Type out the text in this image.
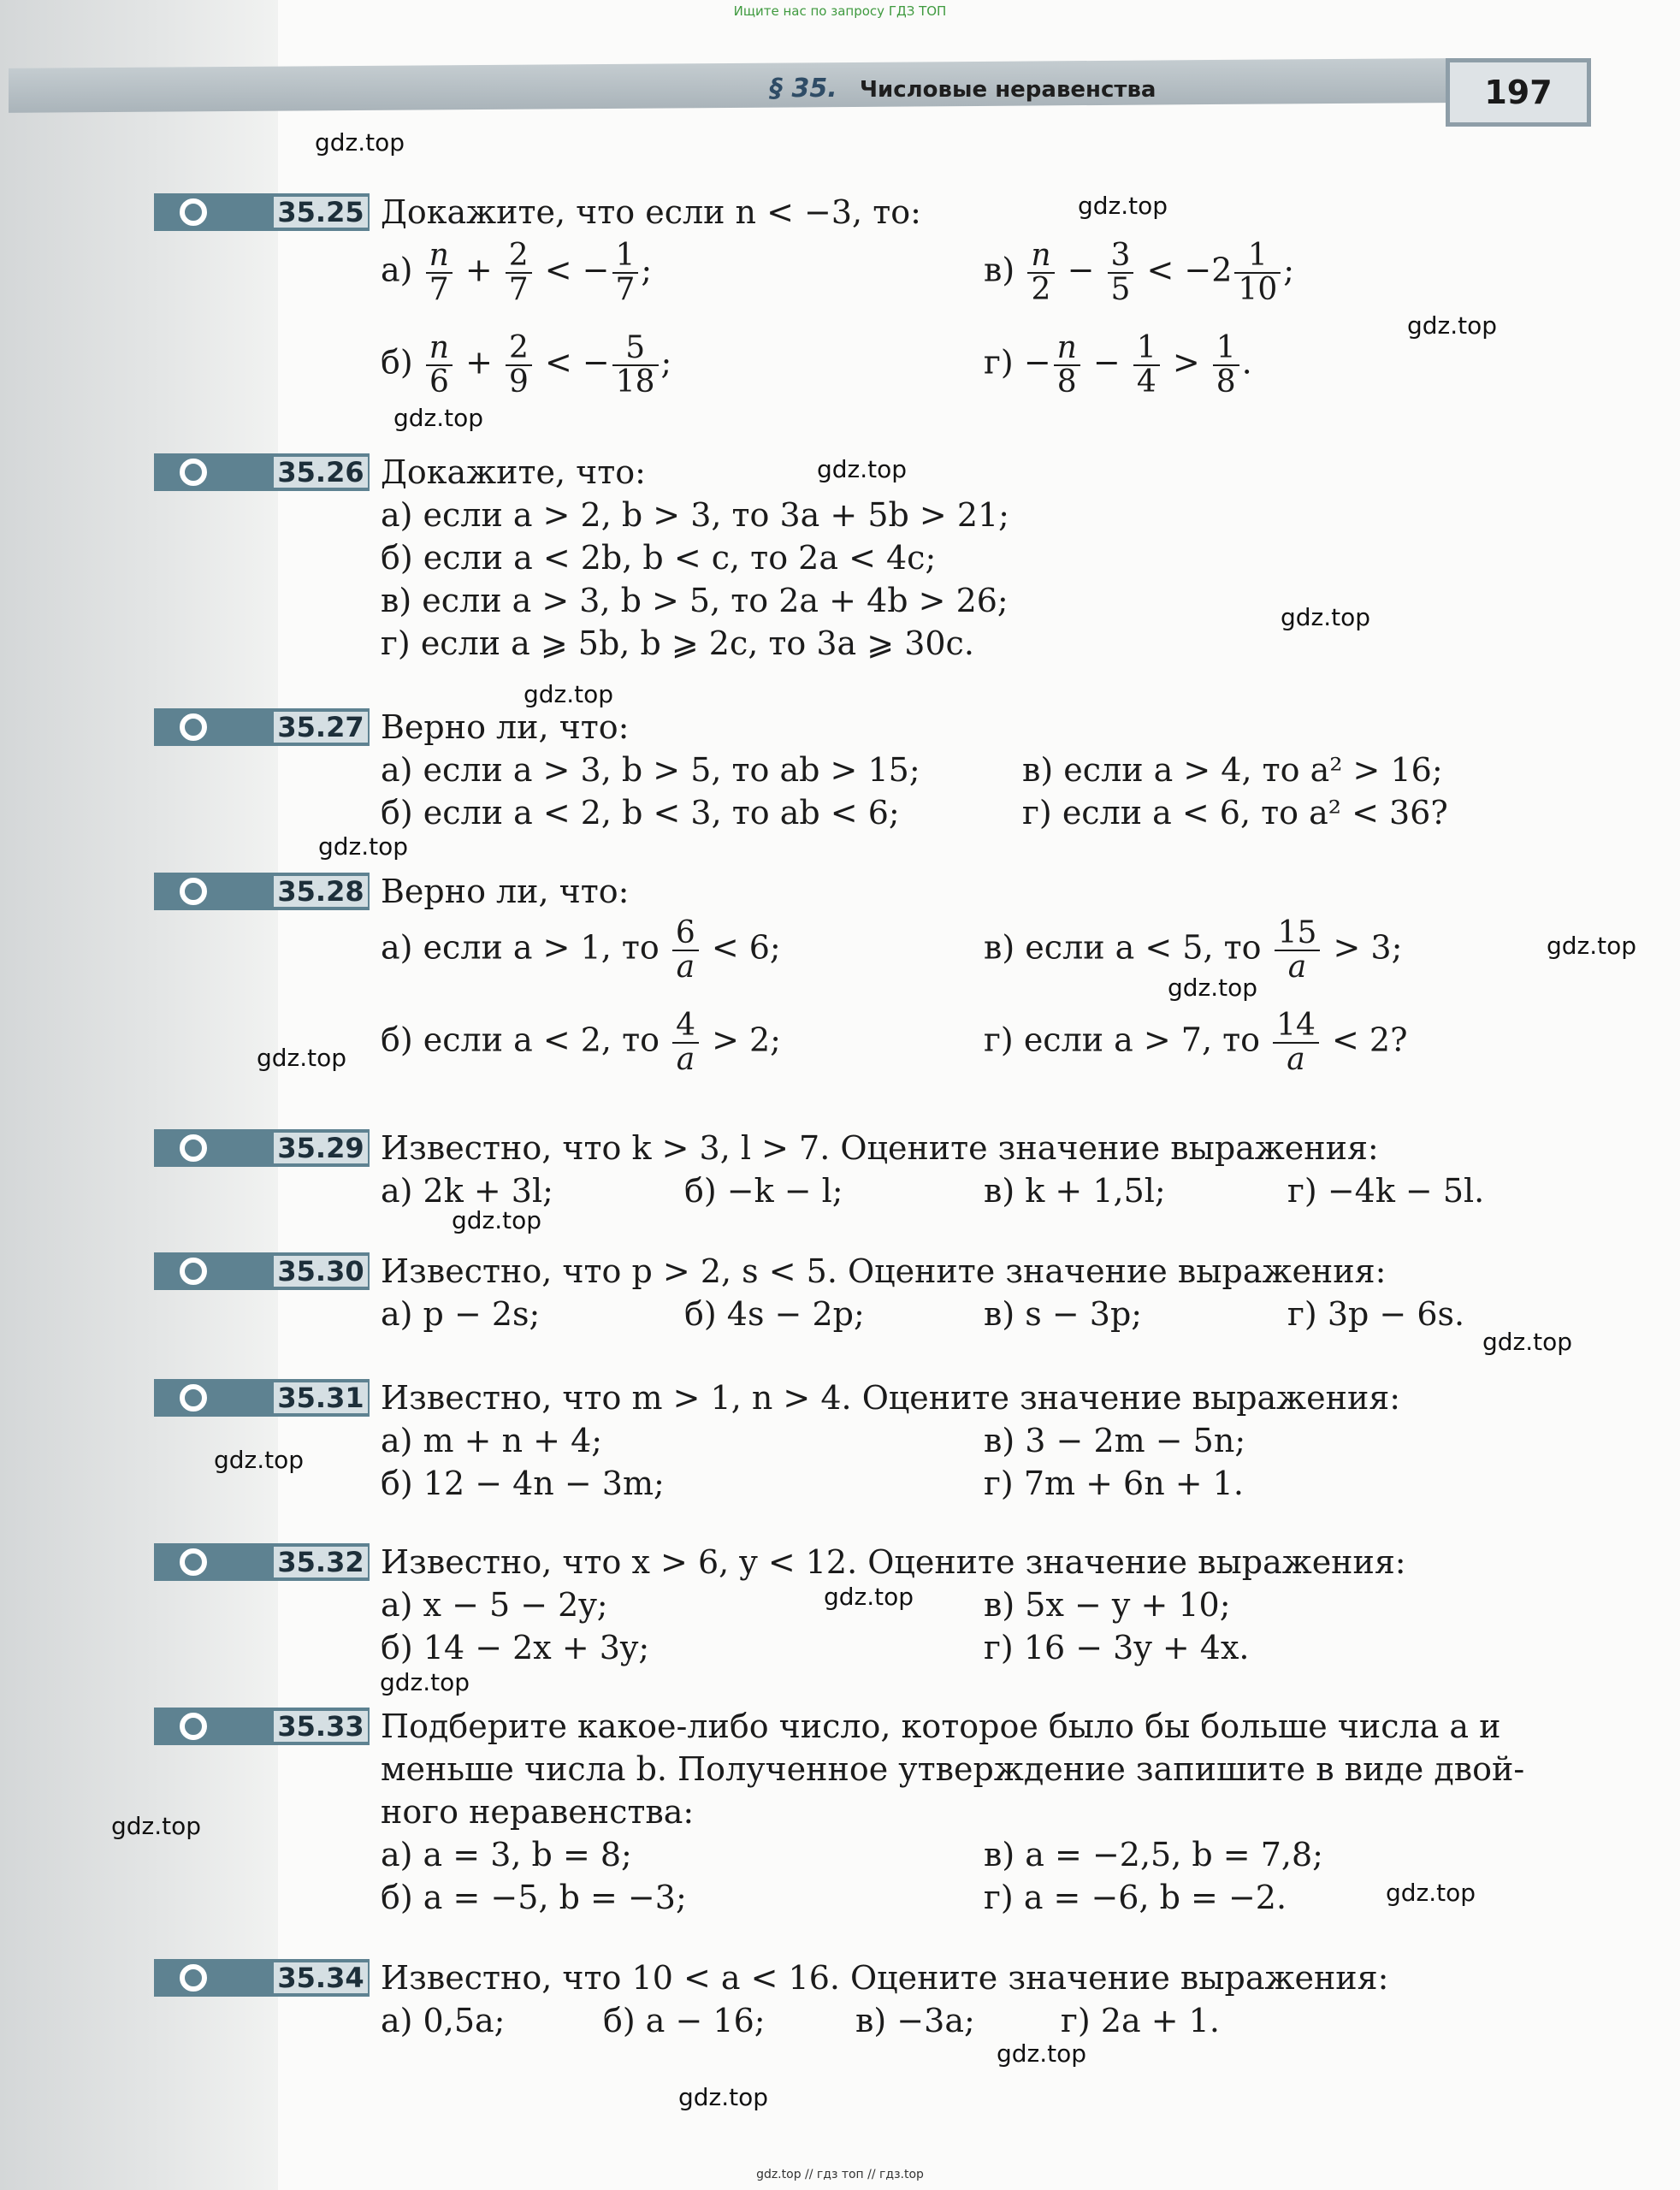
Ищите нас по запросу ГДЗ ТОП
§ 35. Числовые неравенства	197
gdz.top
gdz.top
gdz.top
gdz.top
gdz.top
gdz.top
gdz.top
gdz.top
gdz.top
gdz.top
gdz.top
gdz.top
gdz.top
gdz.top
gdz.top
gdz.top
gdz.top
gdz.top
gdz.top
gdz.top
35.25 Докажите, что если n < −3, то:
$а) \frac{n}{7} + \frac{2}{7}$ < − $\frac{1}{7}$ ;	$в) \frac{n}{2} - \frac{3}{5} < -2 \frac{1}{10}$ ;
$б) \frac{n}{6} + \frac{2}{9}$ < − $\frac{5}{18}$ ;	$г) - \frac{n}{8} - \frac{1}{4} > \frac{1}{8}$ .
35.26 Докажите, что:
а) если a > 2, b > 3, то 3a + 5b > 21;
б) если a < 2b, b < c, то 2a < 4c;
в) если a > 3, b > 5, то 2a + 4b > 26;
г) если a ⩾ 5b, b ⩾ 2c, то 3a ⩾ 30c.
35.27 Верно ли, что:
а) если a > 3, b > 5, то ab > 15;	в) если a > 4, то a² > 16;
б) если a < 2, b < 3, то ab < 6;	г) если a < 6, то a² < 36?
35.28 Верно ли, что:
а) если a > 1, то $\frac{6}{a} < 6$;	в) если a < 5, то $\frac{15}{a} > 3$;
б) если a < 2, то $\frac{4}{a} > 2$;	г) если a > 7, то $\frac{14}{a} < 2$?
35.29 Известно, что k > 3, l > 7. Оцените значение выражения:
а) 2k + 3l;	б) −k − l;	в) k + 1,5l;	г) −4k − 5l.
35.30 Известно, что p > 2, s < 5. Оцените значение выражения:
а) p − 2s;	б) 4s − 2p;	в) s − 3p;	г) 3p − 6s.
35.31 Известно, что m > 1, n > 4. Оцените значение выражения:
а) m + n + 4;	в) 3 − 2m − 5n;
б) 12 − 4n − 3m;	г) 7m + 6n + 1.
35.32 Известно, что x > 6, y < 12. Оцените значение выражения:
а) x − 5 − 2y;	в) 5x − y + 10;
б) 14 − 2x + 3y;	г) 16 − 3y + 4x.
35.33 Подберите какое-либо число, которое было бы больше числа a и
меньше числа b. Полученное утверждение запишите в виде двой-
ного неравенства:
а) a = 3, b = 8;	в) a = −2,5, b = 7,8;
б) a = −5, b = −3;	г) a = −6, b = −2.
35.34 Известно, что 10 < a < 16. Оцените значение выражения:
а) 0,5a;	б) a − 16;	в) −3a;	г) 2a + 1.
gdz.top // гдз топ // гдз.top
